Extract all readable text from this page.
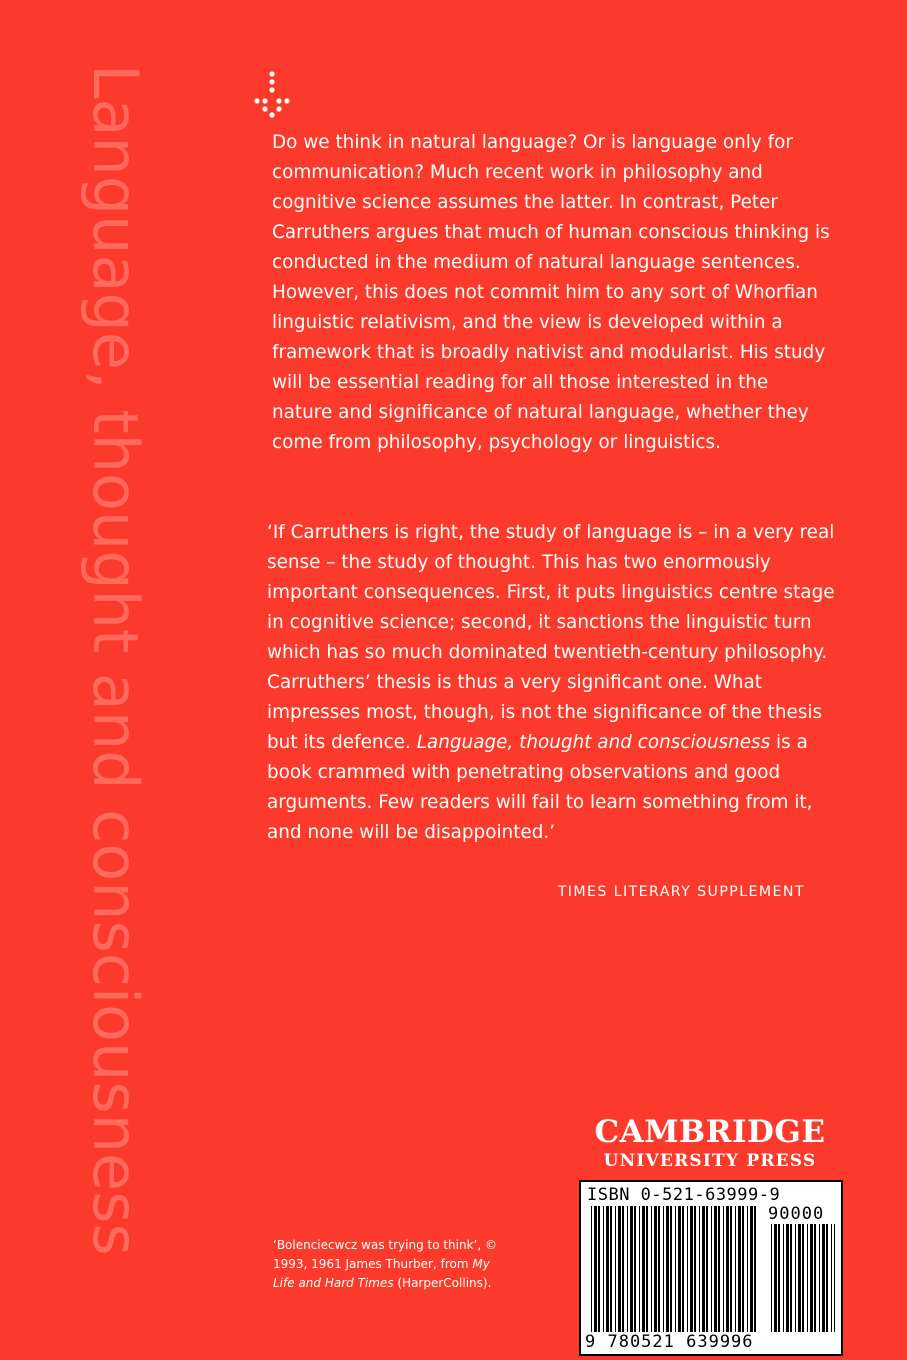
Language, thought and consciousness	Do we think in natural language? Or is language only for communication? Much recent work in philosophy and cognitive science assumes the latter. In contrast, Peter Carruthers argues that much of human conscious thinking is conducted in the medium of natural language sentences. However, this does not commit him to any sort of Whorfian linguistic relativism, and the view is developed within a framework that is broadly nativist and modularist. His study will be essential reading for all those interested in the nature and significance of natural language, whether they come from philosophy, psychology or linguistics.

‘If Carruthers is right, the study of language is – in a very real sense – the study of thought. This has two enormously important consequences. First, it puts linguistics centre stage in cognitive science; second, it sanctions the linguistic turn which has so much dominated twentieth-century philosophy. Carruthers’ thesis is thus a very significant one. What impresses most, though, is not the significance of the thesis but its defence. Language, thought and consciousness is a book crammed with penetrating observations and good arguments. Few readers will fail to learn something from it, and none will be disappointed.’

TIMES LITERARY SUPPLEMENT
CAMBRIDGE
UNIVERSITY PRESS
ISBN 0-521-63999-9
90000
9 780521 639996

‘Bolenciecwcz was trying to think’, © 1993, 1961 James Thurber, from My Life and Hard Times (HarperCollins).
